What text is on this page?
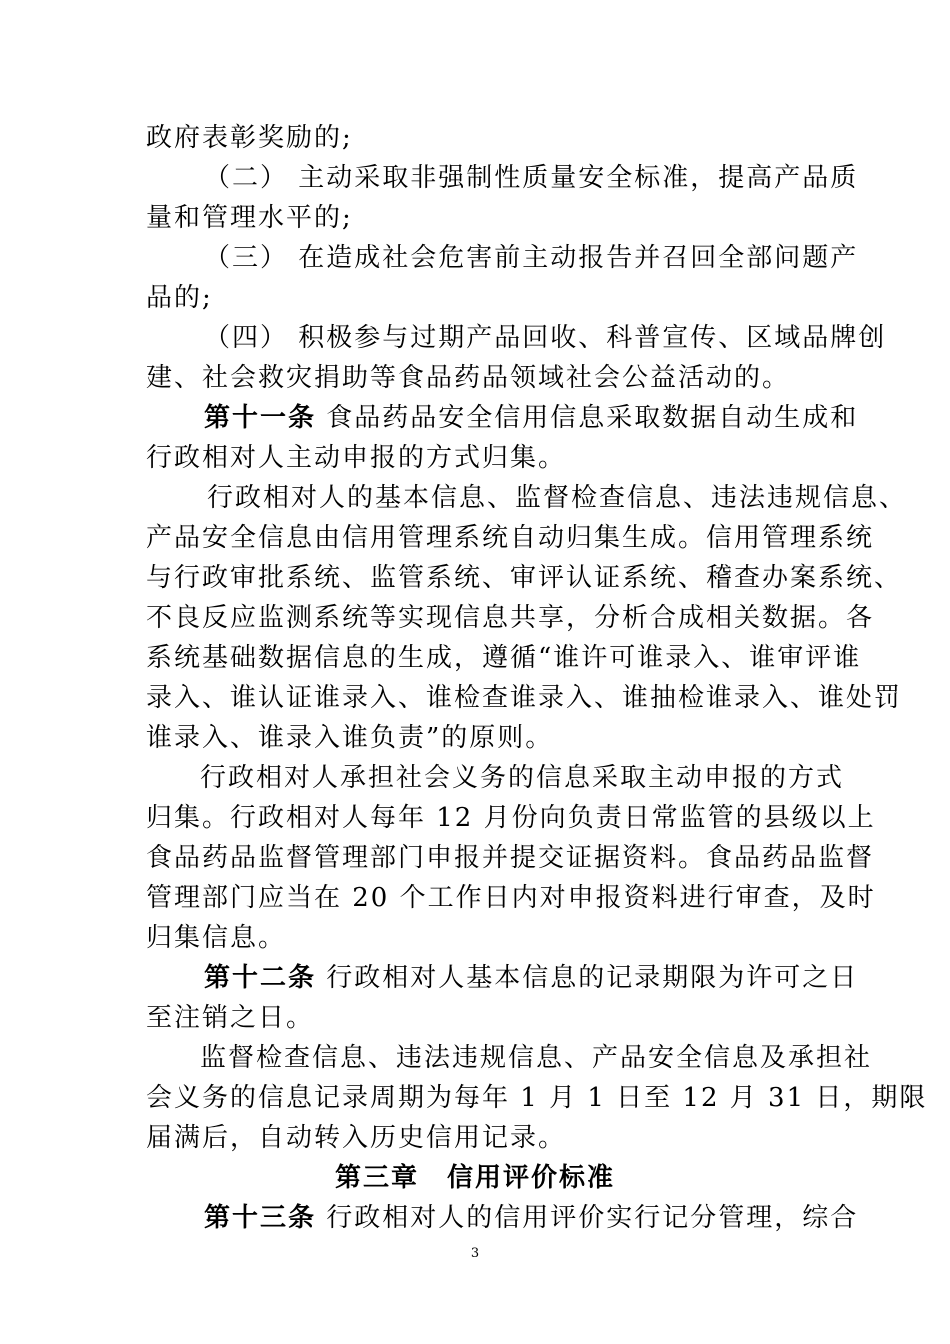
政府表彰奖励的;
（二） 主动采取非强制性质量安全标准，提高产品质
量和管理水平的;
（三） 在造成社会危害前主动报告并召回全部问题产
品的;
（四） 积极参与过期产品回收、科普宣传、区域品牌创
建、社会救灾捐助等食品药品领域社会公益活动的。
第十一条 食品药品安全信用信息采取数据自动生成和
行政相对人主动申报的方式归集。
行政相对人的基本信息、监督检查信息、违法违规信息、
产品安全信息由信用管理系统自动归集生成。信用管理系统
与行政审批系统、监管系统、审评认证系统、稽查办案系统、
不良反应监测系统等实现信息共享，分析合成相关数据。各
系统基础数据信息的生成，遵循“谁许可谁录入、谁审评谁
录入、谁认证谁录入、谁检查谁录入、谁抽检谁录入、谁处罚
谁录入、谁录入谁负责”的原则。
行政相对人承担社会义务的信息采取主动申报的方式
归集。行政相对人每年 12 月份向负责日常监管的县级以上
食品药品监督管理部门申报并提交证据资料。食品药品监督
管理部门应当在 20 个工作日内对申报资料进行审查，及时
归集信息。
第十二条 行政相对人基本信息的记录期限为许可之日
至注销之日。
监督检查信息、违法违规信息、产品安全信息及承担社
会义务的信息记录周期为每年 1 月 1 日至 12 月 31 日，期限
届满后，自动转入历史信用记录。
第三章　信用评价标准
第十三条 行政相对人的信用评价实行记分管理，综合
3
